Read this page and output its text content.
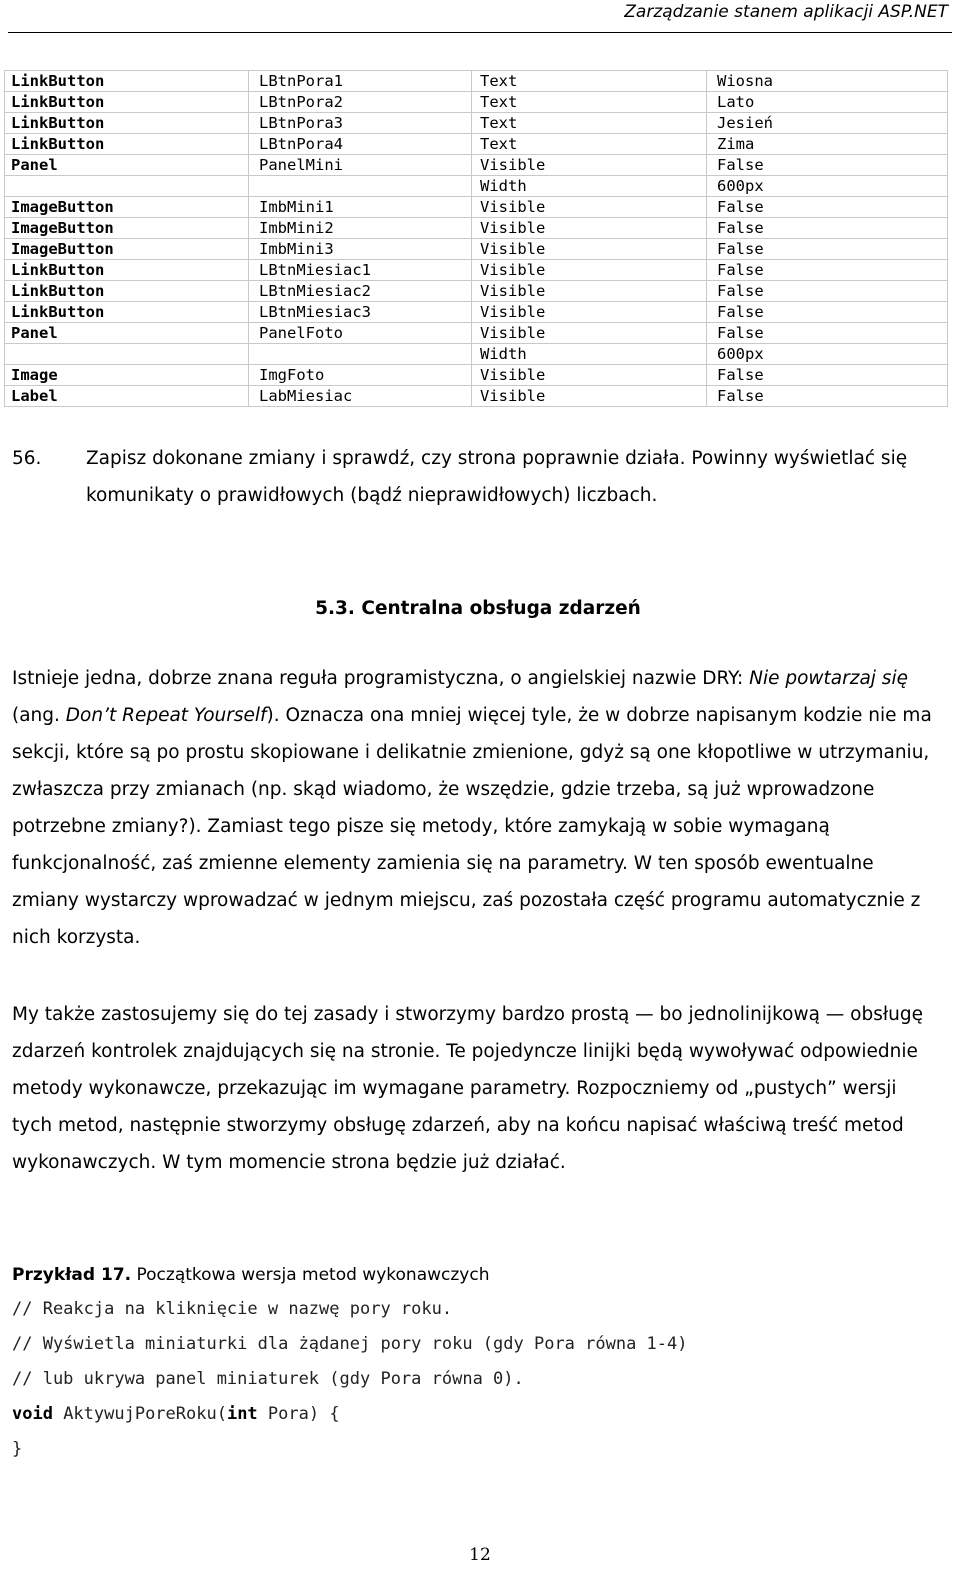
Zarządzanie stanem aplikacji ASP.NET
LinkButton	LBtnPora1	Text	Wiosna
LinkButton	LBtnPora2	Text	Lato
LinkButton	LBtnPora3	Text	Jesień
LinkButton	LBtnPora4	Text	Zima
Panel	PanelMini	Visible	False
		Width	600px
ImageButton	ImbMini1	Visible	False
ImageButton	ImbMini2	Visible	False
ImageButton	ImbMini3	Visible	False
LinkButton	LBtnMiesiac1	Visible	False
LinkButton	LBtnMiesiac2	Visible	False
LinkButton	LBtnMiesiac3	Visible	False
Panel	PanelFoto	Visible	False
		Width	600px
Image	ImgFoto	Visible	False
Label	LabMiesiac	Visible	False
56. Zapisz dokonane zmiany i sprawdź, czy strona poprawnie działa. Powinny wyświetlać się komunikaty o prawidłowych (bądź nieprawidłowych) liczbach.
5.3. Centralna obsługa zdarzeń

Istnieje jedna, dobrze znana reguła programistyczna, o angielskiej nazwie DRY: Nie powtarzaj się (ang. Don’t Repeat Yourself). Oznacza ona mniej więcej tyle, że w dobrze napisanym kodzie nie ma sekcji, które są po prostu skopiowane i delikatnie zmienione, gdyż są one kłopotliwe w utrzymaniu, zwłaszcza przy zmianach (np. skąd wiadomo, że wszędzie, gdzie trzeba, są już wprowadzone potrzebne zmiany?). Zamiast tego pisze się metody, które zamykają w sobie wymaganą funkcjonalność, zaś zmienne elementy zamienia się na parametry. W ten sposób ewentualne zmiany wystarczy wprowadzać w jednym miejscu, zaś pozostała część programu automatycznie z nich korzysta.

My także zastosujemy się do tej zasady i stworzymy bardzo prostą — bo jednolinijkową — obsługę zdarzeń kontrolek znajdujących się na stronie. Te pojedyncze linijki będą wywoływać odpowiednie metody wykonawcze, przekazując im wymagane parametry. Rozpoczniemy od „pustych” wersji tych metod, następnie stworzymy obsługę zdarzeń, aby na końcu napisać właściwą treść metod wykonawczych. W tym momencie strona będzie już działać.

Przykład 17. Początkowa wersja metod wykonawczych
// Reakcja na kliknięcie w nazwę pory roku.
// Wyświetla miniaturki dla żądanej pory roku (gdy Pora równa 1-4)
// lub ukrywa panel miniaturek (gdy Pora równa 0).
void AktywujPoreRoku(int Pora) {
}
12
